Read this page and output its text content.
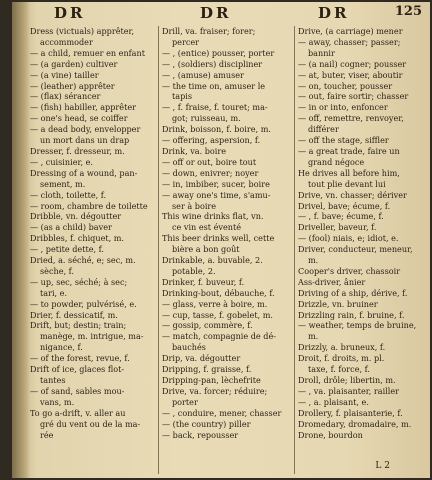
DR	DR	DR	125
Dress (victuals) apprêter,
accommoder
— a child, remuer en enfant
— (a garden) cultiver
— (a vine) tailler
— (leather) apprêter
— (flax) sérancer
— (fish) habiller, apprêter
— one's head, se coiffer
— a dead body, envelopper
un mort dans un drap
Dresser, f. dresseur, m.
— , cuisinier, e.
Dressing of a wound, pan-
sement, m.
— cloth, toilette, f.
— room, chambre de toilette
Dribble, vn. dégoutter
— (as a child) baver
Dribbles, f. chiquet, m.
— , petite dette, f.
Dried, a. séché, e; sec, m.
sèche, f.
— up, sec, séché; à sec;
tari, e.
— to powder, pulvérisé, e.
Drier, f. dessicatif, m.
Drift, but; destin; train;
manège, m. intrigue, ma-
nigance, f.
— of the forest, revue, f.
Drift of ice, glaces flot-
tantes
— of sand, sables mou-
vans, m.
To go a-drift, v. aller au
gré du vent ou de la ma-
rée
Drill, va. fraiser; forer;
percer
— , (entice) pousser, porter
— , (soldiers) discipliner
— , (amuse) amuser
— the time on, amuser le
tapis
— , f. fraise, f. touret; ma-
got; ruisseau, m.
Drink, boisson, f. boire, m.
— offering, aspersion, f.
Drink, va. boire
— off or out, boire tout
— down, enivrer; noyer
— in, imbiber, sucer, boire
— away one's time, s'amu-
ser à boire
This wine drinks flat, vn.
ce vin est éventé
This beer drinks well, cette
bière a bon goût
Drinkable, a. buvable, 2.
potable, 2.
Drinker, f. buveur, f.
Drinking-bout, débauche, f.
— glass, verre à boire, m.
— cup, tasse, f. gobelet, m.
— gossip, commère, f.
— match, compagnie de dé-
bauchés
Drip, va. dégoutter
Dripping, f. graisse, f.
Dripping-pan, lèchefrite
Drive, va. forcer; réduire;
porter
— , conduire, mener, chasser
— (the country) piller
— back, repousser
Drive, (a carriage) mener
— away, chasser; passer;
bannir
— (a nail) cogner; pousser
— at, buter, viser, aboutir
— on, toucher, pousser
— out, faire sortir; chasser
— in or into, enfoncer
— off, remettre, renvoyer,
différer
— off the stage, siffler
— a great trade, faire un
grand négoce
He drives all before him,
tout plie devant lui
Drive, vn. chasser; dériver
Drivel, bave; écume, f.
— , f. bave; écume, f.
Driveller, baveur, f.
— (fool) niais, e; idiot, e.
Driver, conducteur, meneur,
m.
Cooper's driver, chassoir
Ass-driver, ânier
Driving of a ship, dérive, f.
Drizzle, vn. bruiner
Drizzling rain, f. bruine, f.
— weather, temps de bruine,
m.
Drizzly, a. bruneux, f.
Droit, f. droits, m. pl.
taxe, f. force, f.
Droll, drôle; libertin, m.
— , va. plaisanter, railler
— , a. plaisant, e.
Drollery, f. plaisanterie, f.
Dromedary, dromadaire, m.
Drone, bourdon
L 2
